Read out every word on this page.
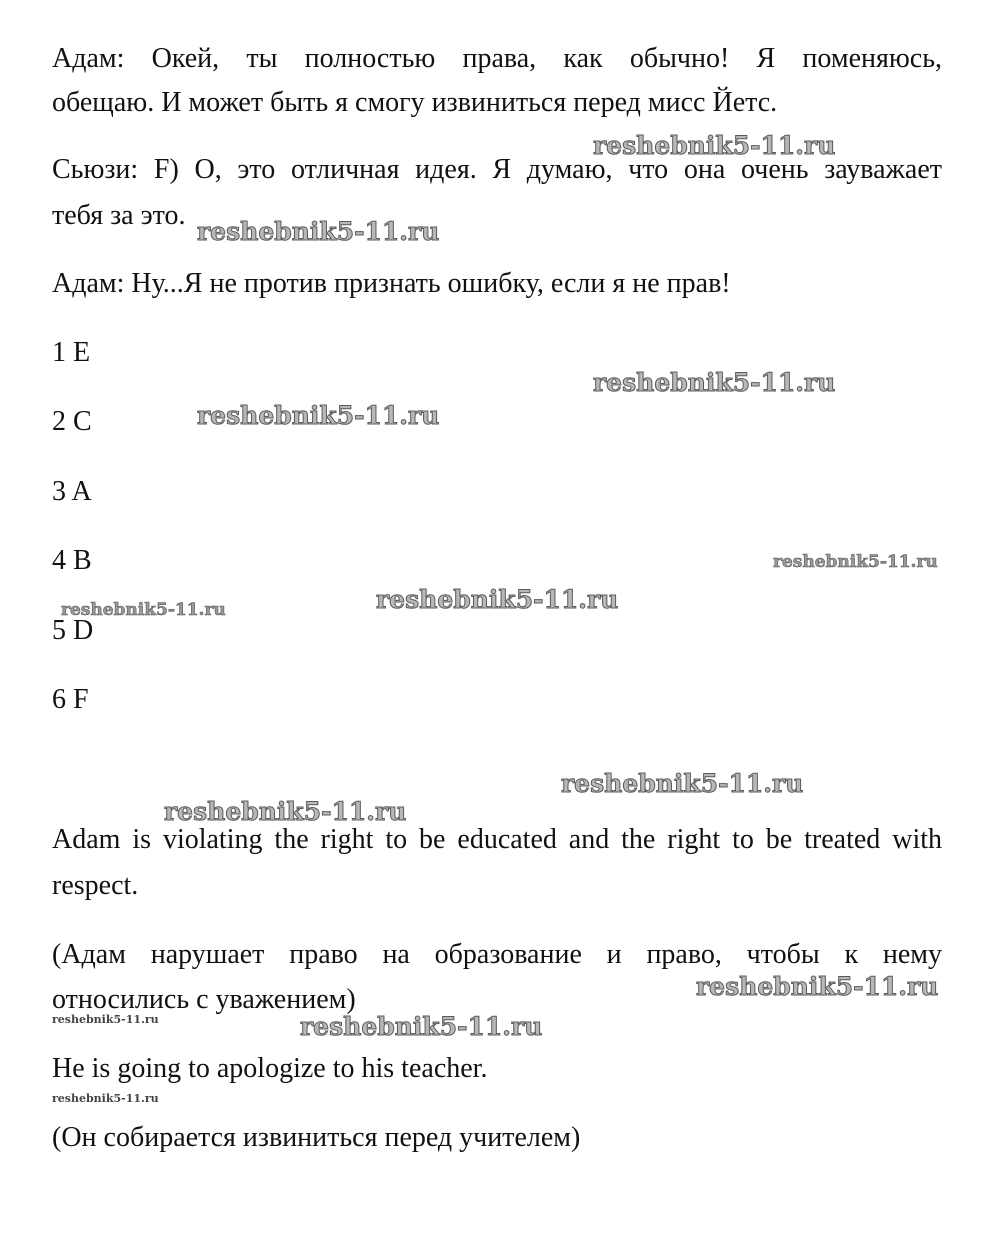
Адам: Окей, ты полностью права, как обычно! Я поменяюсь,

обещаю. И может быть я смогу извиниться перед мисс Йетс.

Сьюзи: F) О, это отличная идея. Я думаю, что она очень зауважает

тебя за это.

Адам: Ну...Я не против признать ошибку, если я не прав!

1 E

2 C

3 A

4 B

5 D

6 F

Adam is violating the right to be educated and the right to be treated with

respect.

(Адам нарушает право на образование и право, чтобы к нему

относились с уважением)

He is going to apologize to his teacher.

(Он собирается извиниться перед учителем)

reshebnik5-11.ru
reshebnik5-11.ru
reshebnik5-11.ru
reshebnik5-11.ru
reshebnik5-11.ru
reshebnik5-11.ru
reshebnik5-11.ru
reshebnik5-11.ru
reshebnik5-11.ru
reshebnik5-11.ru
reshebnik5-11.ru	reshebnik5-11.ru
reshebnik5-11.ru
